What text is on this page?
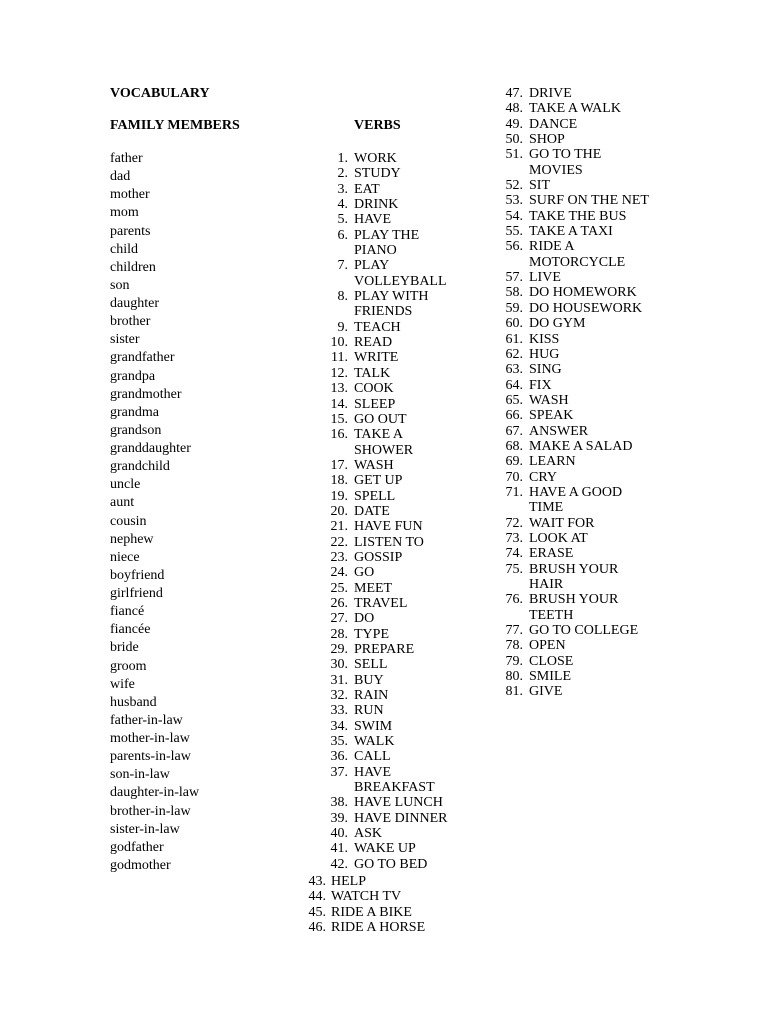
VOCABULARY
FAMILY MEMBERS	VERBS
father
dad
mother
mom
parents
child
children
son
daughter
brother
sister
grandfather
grandpa
grandmother
grandma
grandson
granddaughter
grandchild
uncle
aunt
cousin
nephew
niece
boyfriend
girlfriend
fiancé
fiancée
bride
groom
wife
husband
father-in-law
mother-in-law
parents-in-law
son-in-law
daughter-in-law
brother-in-law
sister-in-law
godfather
godmother
1. WORK
2. STUDY
3. EAT
4. DRINK
5. HAVE
6. PLAY THE
PIANO
7. PLAY
VOLLEYBALL
8. PLAY WITH
FRIENDS
9. TEACH
10. READ
11. WRITE
12. TALK
13. COOK
14. SLEEP
15. GO OUT
16. TAKE A
SHOWER
17. WASH
18. GET UP
19. SPELL
20. DATE
21. HAVE FUN
22. LISTEN TO
23. GOSSIP
24. GO
25. MEET
26. TRAVEL
27. DO
28. TYPE
29. PREPARE
30. SELL
31. BUY
32. RAIN
33. RUN
34. SWIM
35. WALK
36. CALL
37. HAVE
BREAKFAST
38. HAVE LUNCH
39. HAVE DINNER
40. ASK
41. WAKE UP
42. GO TO BED
43. HELP
44. WATCH TV
45. RIDE A BIKE
46. RIDE A HORSE
47. DRIVE
48. TAKE A WALK
49. DANCE
50. SHOP
51. GO TO THE
MOVIES
52. SIT
53. SURF ON THE NET
54. TAKE THE BUS
55. TAKE A TAXI
56. RIDE A
MOTORCYCLE
57. LIVE
58. DO HOMEWORK
59. DO HOUSEWORK
60. DO GYM
61. KISS
62. HUG
63. SING
64. FIX
65. WASH
66. SPEAK
67. ANSWER
68. MAKE A SALAD
69. LEARN
70. CRY
71. HAVE A GOOD
TIME
72. WAIT FOR
73. LOOK AT
74. ERASE
75. BRUSH YOUR
HAIR
76. BRUSH YOUR
TEETH
77. GO TO COLLEGE
78. OPEN
79. CLOSE
80. SMILE
81. GIVE
